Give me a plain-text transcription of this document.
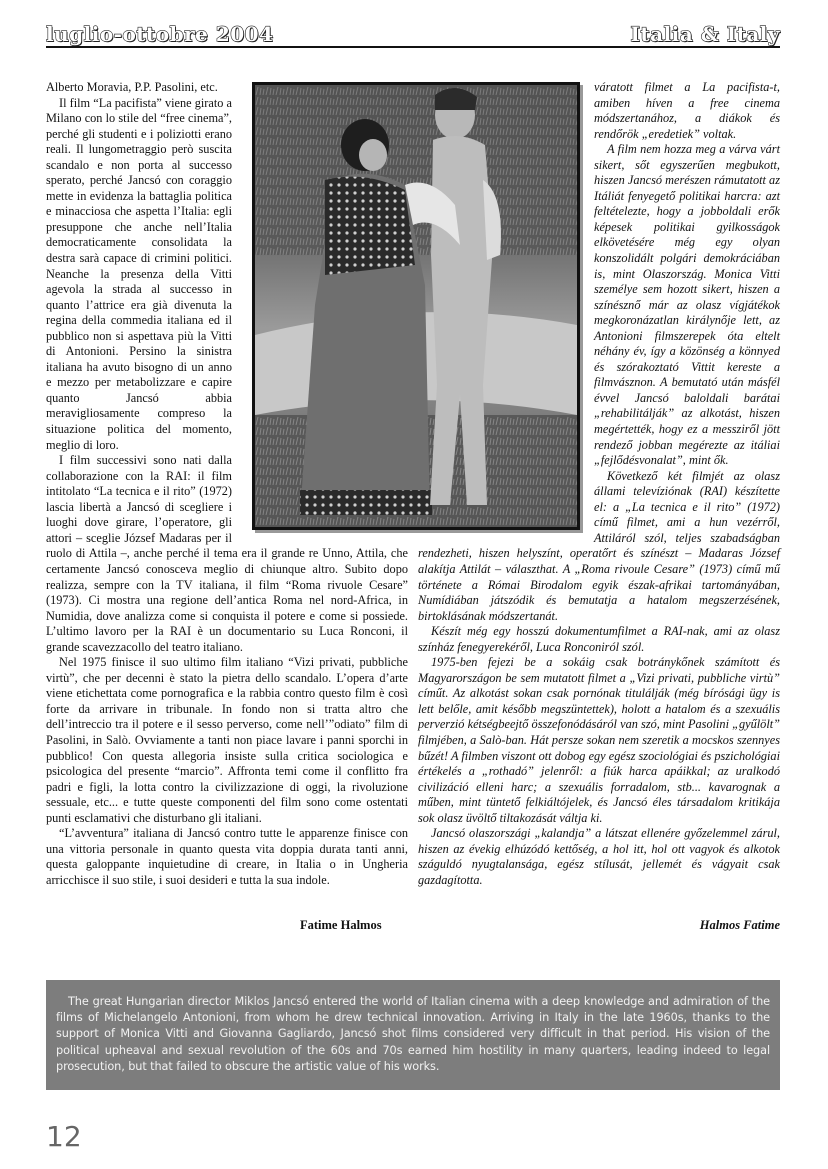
luglio-ottobre 2004	Italia & Italy

Alberto Moravia, P.P. Pasolini, etc.

Il film “La pacifista” viene girato a Milano con lo stile del “free cinema”, perché gli studenti e i poliziotti erano reali. Il lungometraggio però suscita scandalo e non porta al successo sperato, perché Jancsó con coraggio mette in evidenza la battaglia politica e minacciosa che aspetta l’Italia: egli presuppone che anche nell’Italia democraticamente consolidata la destra sarà capace di crimini politici. Neanche la presenza della Vitti agevola la strada al successo in quanto l’attrice era già divenuta la regina della commedia italiana ed il pubblico non si aspettava più la Vitti di Antonioni. Persino la sinistra italiana ha avuto bisogno di un anno e mezzo per metabolizzare e capire quanto Jancsó abbia meravigliosamente compreso la situazione politica del momento, meglio di loro.

I film successivi sono nati dalla collaborazione con la RAI: il film intitolato “La tecnica e il rito” (1972) lascia libertà a Jancsó di scegliere i luoghi dove girare, l’operatore, gli attori – sceglie József Madaras per il ruolo di Attila –, anche perché il tema era il grande re Unno, Attila, che certamente Jancsó conosceva meglio di chiunque altro. Subito dopo realizza, sempre con la TV italiana, il film “Roma rivuole Cesare” (1973). Ci mostra una regione dell’antica Roma nel nord-Africa, in Numidia, dove analizza come si conquista il potere e come si possiede. L’ultimo lavoro per la RAI è un documentario su Luca Ronconi, il grande scavezzacollo del teatro italiano.

Nel 1975 finisce il suo ultimo film italiano “Vizi privati, pubbliche virtù”, che per decenni è stato la pietra dello scandalo. L’opera d’arte viene etichettata come pornografica e la rabbia contro questo film è così forte da arrivare in tribunale. In fondo non si tratta altro che dell’intreccio tra il potere e il sesso perverso, come nell’”odiato” film di Pasolini, in Salò. Ovviamente a tanti non piace lavare i panni sporchi in pubblico! Con questa allegoria insiste sulla critica sociologica e psicologica del presente “marcio”. Affronta temi come il conflitto fra padri e figli, la lotta contro la civilizzazione di oggi, la rivoluzione sessuale, etc... e tutte queste componenti del film sono come ostentati punti esclamativi che disturbano gli italiani.

“L’avventura” italiana di Jancsó contro tutte le apparenze finisce con una vittoria personale in quanto questa vita doppia durata tanti anni, questa galoppante inquietudine di creare, in Italia o in Ungheria arricchisce il suo stile, i suoi desideri e tutta la sua indole.

váratott filmet a La pacifista-t, amiben híven a free cinema módszertanához, a diákok és rendőrök „eredetiek” voltak.

A film nem hozza meg a várva várt sikert, sőt egyszerűen megbukott, hiszen Jancsó merészen rámutatott az Itáliát fenyegető politikai harcra: azt feltételezte, hogy a jobboldali erők képesek politikai gyilkosságok elkövetésére még egy olyan konszolidált polgári demokráciában is, mint Olaszország. Monica Vitti személye sem hozott sikert, hiszen a színésznő már az olasz vígjátékok megkoronázatlan királynője lett, az Antonioni filmszerepek óta eltelt néhány év, így a közönség a könnyed és szórakoztató Vittit kereste a filmvásznon. A bemutató után másfél évvel Jancsó baloldali barátai „rehabilitálják” az alkotást, hiszen megértették, hogy ez a messziről jött rendező jobban megérezte az itáliai „fejlődésvonalat”, mint ők.

Következő két filmjét az olasz állami televíziónak (RAI) készítette el: a „La tecnica e il rito” (1972) című filmet, ami a hun vezérről, Attiláról szól, teljes szabadságban rendezheti, hiszen helyszínt, operatőrt és színészt – Madaras József alakítja Attilát – választhat. A „Roma rivoule Cesare” (1973) című mű története a Római Birodalom egyik észak-afrikai tartományában, Numídiában játszódik és bemutatja a hatalom megszerzésének, birtoklásának módszertanát.

Készít még egy hosszú dokumentumfilmet a RAI-nak, ami az olasz színház fenegyerekéről, Luca Ronconiról szól.

1975-ben fejezi be a sokáig csak botránykőnek számított és Magyarországon be sem mutatott filmet a „Vizi privati, pubbliche virtù” címűt. Az alkotást sokan csak pornónak titulálják (még bírósági ügy is lett belőle, amit később megszüntettek), holott a hatalom és a szexuális perverzió kétségbeejtő összefonódásáról van szó, mint Pasolini „gyűlölt” filmjében, a Salò-ban. Hát persze sokan nem szeretik a mocskos szennyes bűzét! A filmben viszont ott dobog egy egész szociológiai és pszichológiai értékelés a „rothadó” jelenről: a fiúk harca apáikkal; az uralkodó civilizáció elleni harc; a szexuális forradalom, stb... kavarognak a műben, mint tüntető felkiáltójelek, és Jancsó éles társadalom kritikája sok olasz üvöltő tiltakozását váltja ki.

Jancsó olaszországi „kalandja” a látszat ellenére győzelemmel zárul, hiszen az évekig elhúzódó kettőség, a hol itt, hol ott vagyok és alkotok száguldó nyugtalansága, egész stílusát, jellemét és vágyait csak gazdagította.

Fatime Halmos	Halmos Fatime

The great Hungarian director Miklos Jancsó entered the world of Italian cinema with a deep knowledge and admiration of the films of Michelangelo Antonioni, from whom he drew technical innovation. Arriving in Italy in the late 1960s, thanks to the support of Monica Vitti and Giovanna Gagliardo, Jancsó shot films considered very difficult in that period. His vision of the political upheaval and sexual revolution of the 60s and 70s earned him hostility in many quarters, leading indeed to legal prosecution, but that failed to obscure the artistic value of his works.

12
